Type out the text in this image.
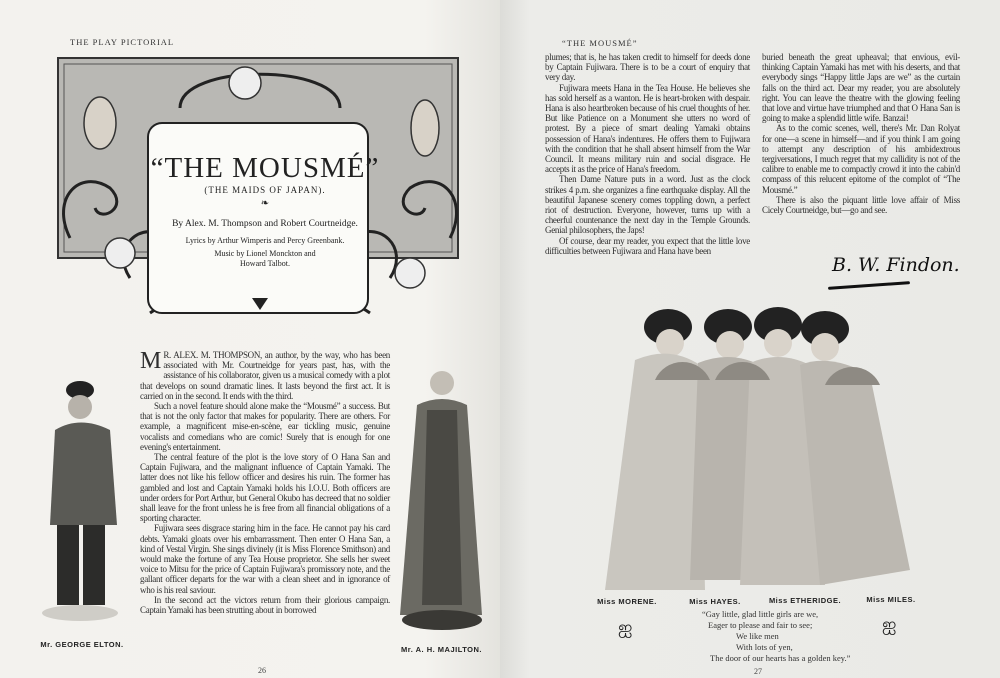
THE PLAY PICTORIAL
“THE MOUSMÉ”
(THE MAIDS OF JAPAN).
❧
By Alex. M. Thompson and Robert Courtneidge.
Lyrics by Arthur Wimperis and Percy Greenbank.
Music by Lionel Monckton and
Howard Talbot.
Mr. GEORGE ELTON.
Mr. A. H. MAJILTON.

M R. ALEX. M. THOMPSON, an author, by the way, who has been associated with Mr. Courtneidge for years past, has, with the assistance of his collaborator, given us a musical comedy with a plot that develops on sound dramatic lines. It lasts beyond the first act. It is carried on in the second. It ends with the third.

Such a novel feature should alone make the “Mousmé” a success. But that is not the only factor that makes for popularity. There are others. For example, a magnificent mise-en-scène, ear tickling music, genuine vocalists and comedians who are comic! Surely that is enough for one evening's entertainment.

The central feature of the plot is the love story of O Hana San and Captain Fujiwara, and the malignant influence of Captain Yamaki. The latter does not like his fellow officer and desires his ruin. The former has gambled and lost and Captain Yamaki holds his I.O.U. Both officers are under orders for Port Arthur, but General Okubo has decreed that no soldier shall leave for the front unless he is free from all financial obligations of a sporting character.

Fujiwara sees disgrace staring him in the face. He cannot pay his card debts. Yamaki gloats over his embarrassment. Then enter O Hana San, a kind of Vestal Virgin. She sings divinely (it is Miss Florence Smithson) and would make the fortune of any Tea House proprietor. She sells her sweet voice to Mitsu for the price of Captain Fujiwara's promissory note, and the gallant officer departs for the war with a clean sheet and in ignorance of who is his real saviour.

In the second act the victors return from their glorious campaign. Captain Yamaki has been strutting about in borrowed

26
“THE MOUSMÉ”

plumes; that is, he has taken credit to himself for deeds done by Captain Fujiwara. There is to be a court of enquiry that very day.

Fujiwara meets Hana in the Tea House. He believes she has sold herself as a wanton. He is heart-broken with despair. Hana is also heartbroken because of his cruel thoughts of her. But like Patience on a Monument she utters no word of protest. By a piece of smart dealing Yamaki obtains possession of Hana's indentures. He offers them to Fujiwara with the condition that he shall absent himself from the War Council. It means military ruin and social disgrace. He accepts it as the price of Hana's freedom.

Then Dame Nature puts in a word. Just as the clock strikes 4 p.m. she organizes a fine earthquake display. All the beautiful Japanese scenery comes toppling down, a perfect riot of destruction. Everyone, however, turns up with a cheerful countenance the next day in the Temple Grounds. Genial philosophers, the Japs!

Of course, dear my reader, you expect that the little love difficulties between Fujiwara and Hana have been

buried beneath the great upheaval; that envious, evil-thinking Captain Yamaki has met with his deserts, and that everybody sings “Happy little Japs are we” as the curtain falls on the third act. Dear my reader, you are absolutely right. You can leave the theatre with the glowing feeling that love and virtue have triumphed and that O Hana San is going to make a splendid little wife. Banzai!

As to the comic scenes, well, there's Mr. Dan Rolyat for one—a scene in himself—and if you think I am going to attempt any description of his ambidextrous tergiversations, I much regret that my callidity is not of the calibre to enable me to compactly crowd it into the cabin'd compass of this relucent epitome of the complot of “The Mousmé.”

There is also the piquant little love affair of Miss Cicely Courtneidge, but—go and see.

B. W. Findon.
Miss MORENE.	Miss HAYES.	Miss ETHERIDGE.	Miss MILES.
“Gay little, glad little girls are we,
Eager to please and fair to see;
We like men
With lots of yen,
The door of our hearts has a golden key.”
ஐ	ஐ
27
